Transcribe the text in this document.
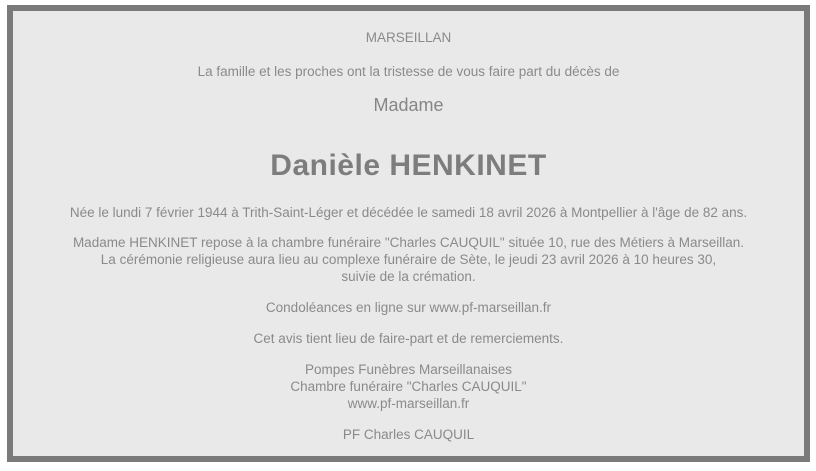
MARSEILLAN
La famille et les proches ont la tristesse de vous faire part du décès de
Madame
Danièle HENKINET
Née le lundi 7 février 1944 à Trith-Saint-Léger et décédée le samedi 18 avril 2026 à Montpellier à l'âge de 82 ans.
Madame HENKINET repose à la chambre funéraire "Charles CAUQUIL" située 10, rue des Métiers à Marseillan.
La cérémonie religieuse aura lieu au complexe funéraire de Sète, le jeudi 23 avril 2026 à 10 heures 30,
suivie de la crémation.
Condoléances en ligne sur www.pf-marseillan.fr
Cet avis tient lieu de faire-part et de remerciements.
Pompes Funèbres Marseillanaises
Chambre funéraire "Charles CAUQUIL"
www.pf-marseillan.fr
PF Charles CAUQUIL
